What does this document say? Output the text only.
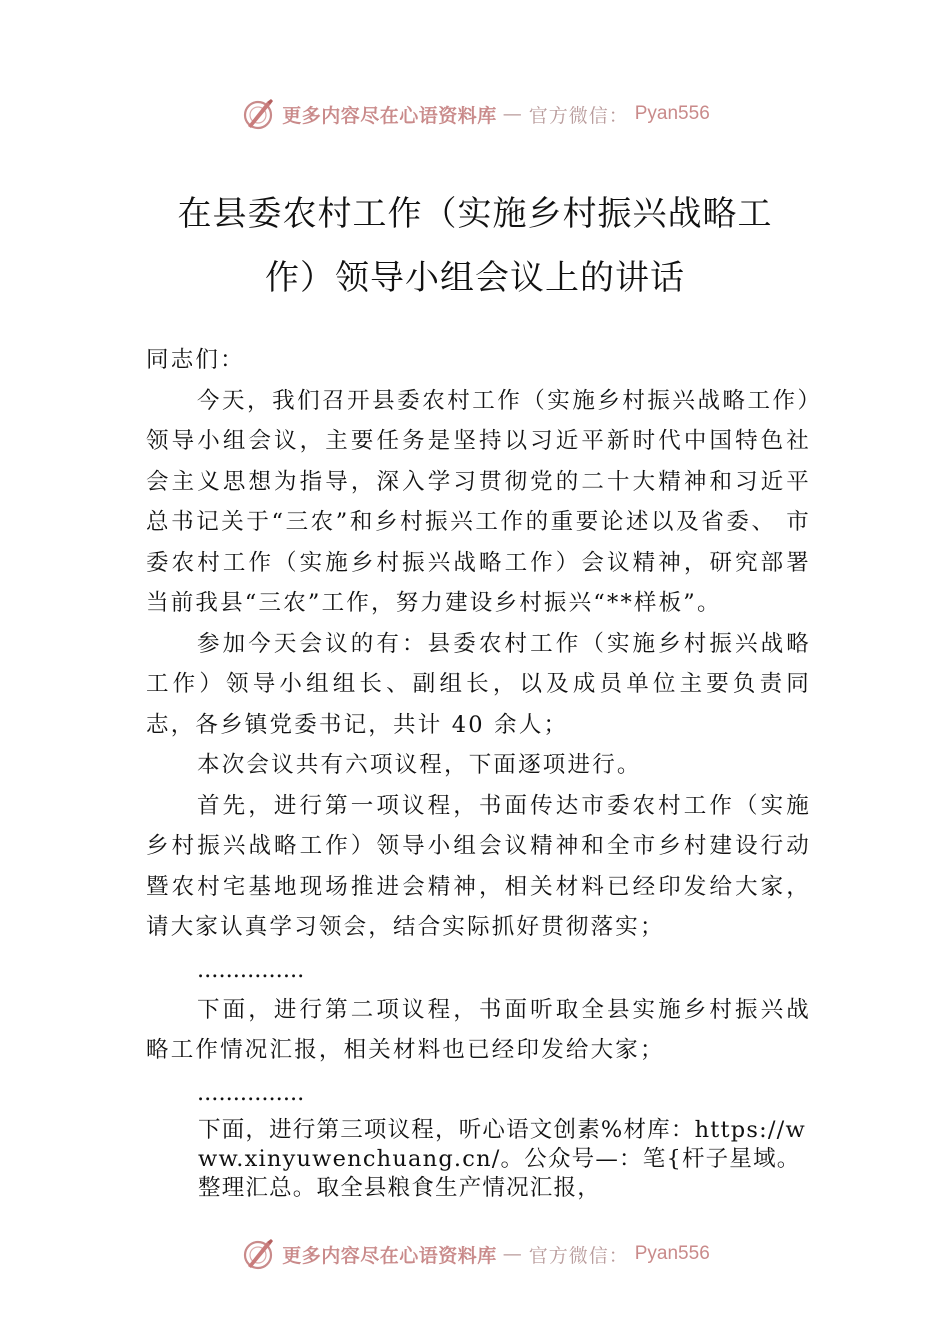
更多内容尽在心语资料库 — 官方微信： Pyan556
在县委农村工作（实施乡村振兴战略工
作）领导小组会议上的讲话

同志们：

今天，我们召开县委农村工作（实施乡村振兴战略工作）领导小组会议，主要任务是坚持以习近平新时代中国特色社会主义思想为指导，深入学习贯彻党的二十大精神和习近平总书记关于“三农”和乡村振兴工作的重要论述以及省委、 市委农村工作（实施乡村振兴战略工作）会议精神，研究部署当前我县“三农”工作，努力建设乡村振兴“**样板”。

参加今天会议的有：县委农村工作（实施乡村振兴战略工作）领导小组组长、副组长，以及成员单位主要负责同志，各乡镇党委书记，共计 40 余人；

本次会议共有六项议程，下面逐项进行。

首先，进行第一项议程，书面传达市委农村工作（实施乡村振兴战略工作）领导小组会议精神和全市乡村建设行动暨农村宅基地现场推进会精神，相关材料已经印发给大家， 请大家认真学习领会，结合实际抓好贯彻落实；

...............

下面，进行第二项议程，书面听取全县实施乡村振兴战略工作情况汇报，相关材料也已经印发给大家；

...............

下面，进行第三项议程，听心语文创素%材库：https://www.xinyuwenchuang.cn/。公众号—：笔{杆子星域。整理汇总。取全县粮食生产情况汇报，
更多内容尽在心语资料库 — 官方微信： Pyan556
